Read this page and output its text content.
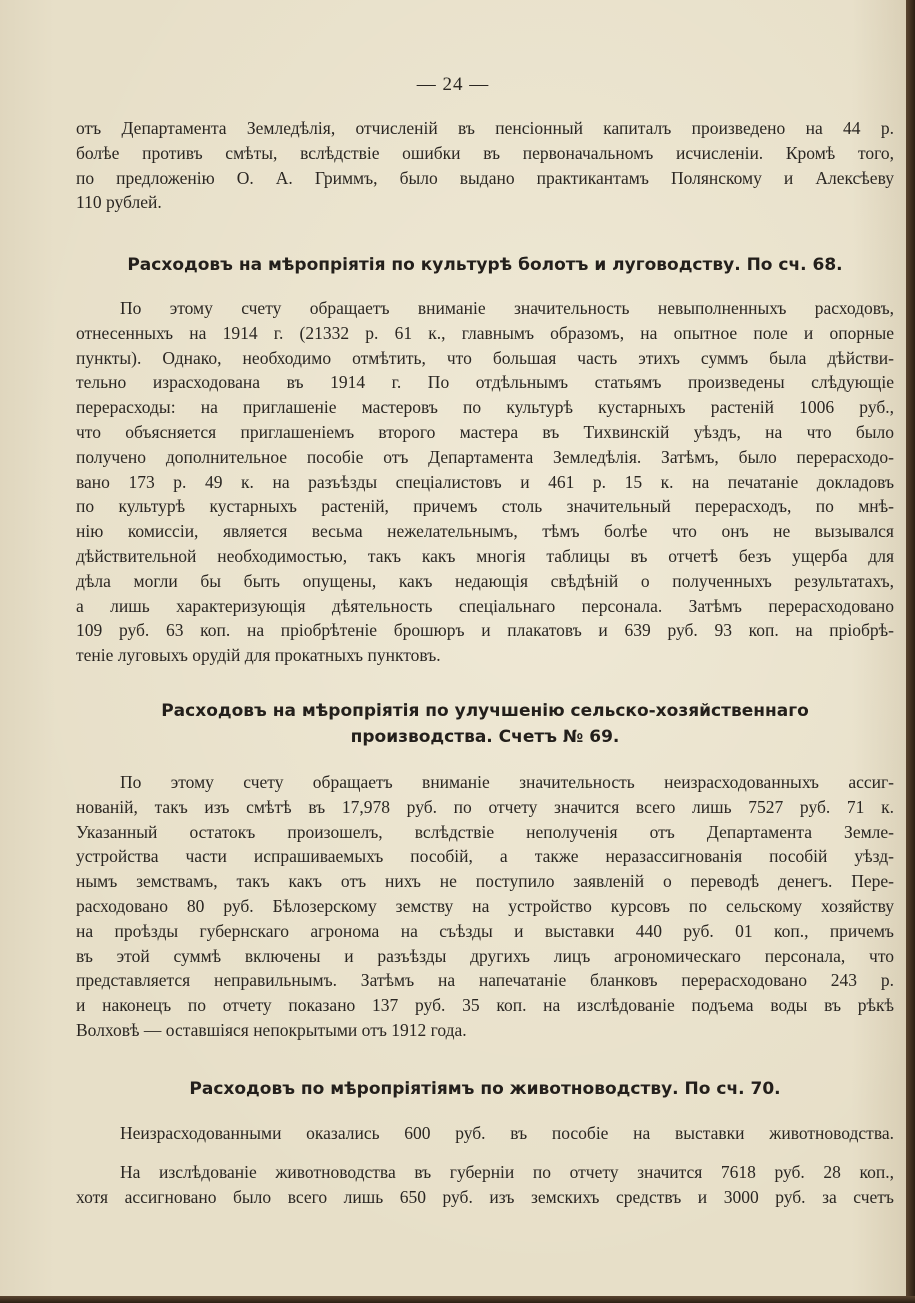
— 24 —
отъ Департамента Земледѣлія, отчисленій въ пенсіонный капиталъ произведено на 44 р.
болѣе противъ смѣты, вслѣдствіе ошибки въ первоначальномъ исчисленіи. Кромѣ того,
по предложенію О. А. Гриммъ, было выдано практикантамъ Полянскому и Алексѣеву
110 рублей.
Расходовъ на мѣропріятія по культурѣ болотъ и луговодству. По сч. 68.
По этому счету обращаетъ вниманіе значительность невыполненныхъ расходовъ,
отнесенныхъ на 1914 г. (21332 р. 61 к., главнымъ образомъ, на опытное поле и опорные
пункты). Однако, необходимо отмѣтить, что большая часть этихъ суммъ была дѣйстви-
тельно израсходована въ 1914 г. По отдѣльнымъ статьямъ произведены слѣдующіе
перерасходы: на приглашеніе мастеровъ по культурѣ кустарныхъ растеній 1006 руб.,
что объясняется приглашеніемъ второго мастера въ Тихвинскій уѣздъ, на что было
получено дополнительное пособіе отъ Департамента Земледѣлія. Затѣмъ, было перерасходо-
вано 173 р. 49 к. на разъѣзды спеціалистовъ и 461 р. 15 к. на печатаніе докладовъ
по культурѣ кустарныхъ растеній, причемъ столь значительный перерасходъ, по мнѣ-
нію комиссіи, является весьма нежелательнымъ, тѣмъ болѣе что онъ не вызывался
дѣйствительной необходимостью, такъ какъ многія таблицы въ отчетѣ безъ ущерба для
дѣла могли бы быть опущены, какъ недающія свѣдѣній о полученныхъ результатахъ,
а лишь характеризующія дѣятельность спеціальнаго персонала. Затѣмъ перерасходовано
109 руб. 63 коп. на пріобрѣтеніе брошюръ и плакатовъ и 639 руб. 93 коп. на пріобрѣ-
теніе луговыхъ орудій для прокатныхъ пунктовъ.
Расходовъ на мѣропріятія по улучшенію сельско-хозяйственнаго
производства. Счетъ № 69.
По этому счету обращаетъ вниманіе значительность неизрасходованныхъ ассиг-
нованій, такъ изъ смѣтѣ въ 17,978 руб. по отчету значится всего лишь 7527 руб. 71 к.
Указанный остатокъ произошелъ, вслѣдствіе неполученія отъ Департамента Земле-
устройства части испрашиваемыхъ пособій, а также неразассигнованія пособій уѣзд-
нымъ земствамъ, такъ какъ отъ нихъ не поступило заявленій о переводѣ денегъ. Пере-
расходовано 80 руб. Бѣлозерскому земству на устройство курсовъ по сельскому хозяйству
на проѣзды губернскаго агронома на съѣзды и выставки 440 руб. 01 коп., причемъ
въ этой суммѣ включены и разъѣзды другихъ лицъ агрономическаго персонала, что
представляется неправильнымъ. Затѣмъ на напечатаніе бланковъ перерасходовано 243 р.
и наконецъ по отчету показано 137 руб. 35 коп. на изслѣдованіе подъема воды въ рѣкѣ
Волховѣ — оставшіяся непокрытыми отъ 1912 года.
Расходовъ по мѣропріятіямъ по животноводству. По сч. 70.
Неизрасходованными оказались 600 руб. въ пособіе на выставки животноводства.
На изслѣдованіе животноводства въ губерніи по отчету значится 7618 руб. 28 коп.,
хотя ассигновано было всего лишь 650 руб. изъ земскихъ средствъ и 3000 руб. за счетъ
